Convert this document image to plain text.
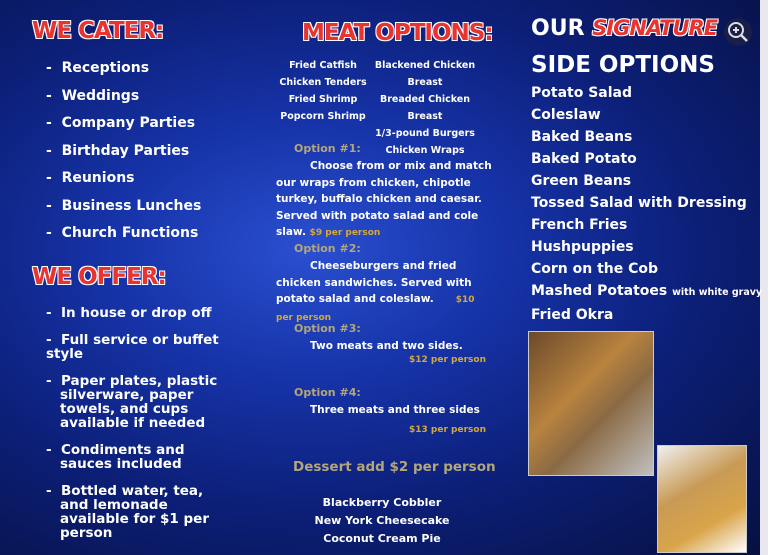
WE CATER:
-  Receptions
-  Weddings
-  Company Parties
-  Birthday Parties
-  Reunions
-  Business Lunches
-  Church Functions
WE OFFER:
-  In house or drop off
-  Full service or buffet style
-  Paper plates, plastic silverware, paper towels, and cups available if needed
-  Condiments and sauces included
-  Bottled water, tea, and lemonade available for $1 per person
MEAT OPTIONS:
Fried Catfish
Chicken Tenders
Fried Shrimp
Popcorn Shrimp
Blackened Chicken Breast
Breaded Chicken Breast
1/3-pound Burgers
Chicken Wraps
Option #1:
Choose from or mix and match our wraps from chicken, chipotle turkey, buffalo chicken and caesar. Served with potato salad and cole slaw. $9 per person
Option #2:
Cheeseburgers and fried chicken sandwiches. Served with potato salad and coleslaw. $10 per person
Option #3:
Two meats and two sides.
$12 per person
Option #4:
Three meats and three sides
$13 per person
Dessert add $2 per person
Blackberry Cobbler
New York Cheesecake
Coconut Cream Pie
OUR SIGNATURE
SIDE OPTIONS
Potato Salad
Coleslaw
Baked Beans
Baked Potato
Green Beans
Tossed Salad with Dressing
French Fries
Hushpuppies
Corn on the Cob
Mashed Potatoes with white gravy
Fried Okra
